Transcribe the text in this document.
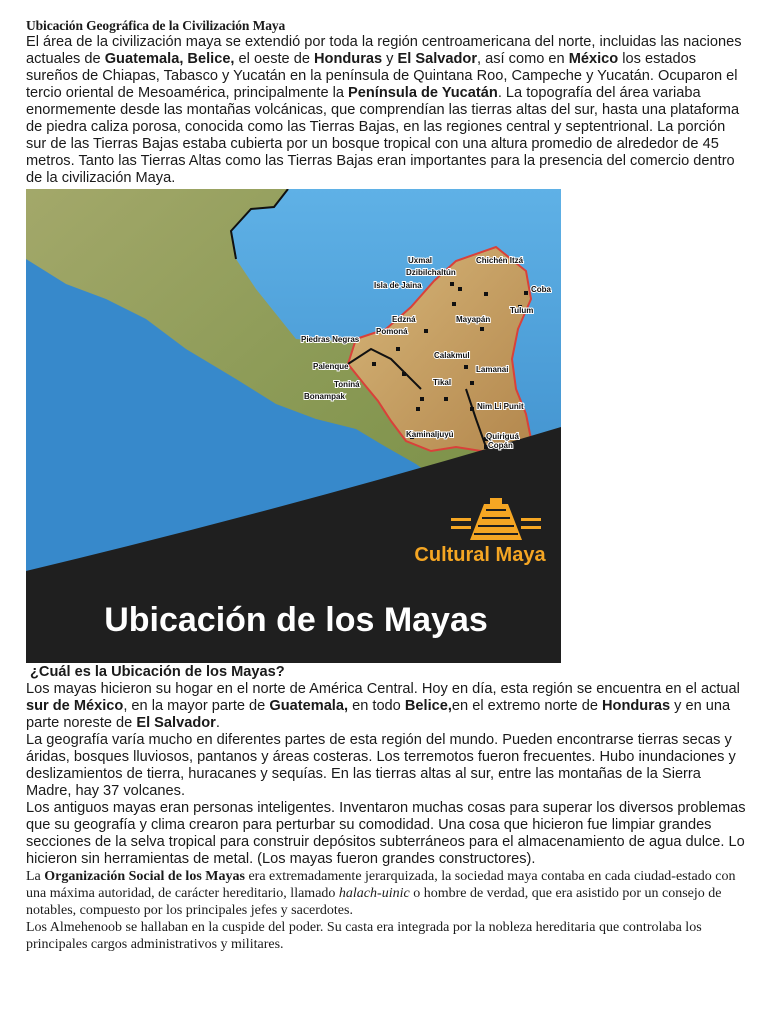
Ubicación Geográfica de la Civilización Maya

El área de la civilización maya se extendió por toda la región centroamericana del norte, incluidas las naciones actuales de Guatemala, Belice, el oeste de Honduras y El Salvador, así como en México los estados sureños de Chiapas, Tabasco y Yucatán en la península de Quintana Roo, Campeche y Yucatán. Ocuparon el tercio oriental de Mesoamérica, principalmente la Península de Yucatán. La topografía del área variaba enormemente desde las montañas volcánicas, que comprendían las tierras altas del sur, hasta una plataforma de piedra caliza porosa, conocida como las Tierras Bajas, en las regiones central y septentrional. La porción sur de las Tierras Bajas estaba cubierta por un bosque tropical con una altura promedio de alrededor de 45 metros. Tanto las Tierras Altas como las Tierras Bajas eran importantes para la presencia del comercio dentro de la civilización Maya.

Cultural Maya
Ubicación de los Mayas
Uxmal	Chichén Itzá
Dzibilchaltún
Isla de Jaina	Coba
Tulum
Edzná	Mayapán
Pomoná
Piedras Negras
Calakmul
Palenque	Lamanai
Tikal
Toniná
Bonampak
Nim Li Punit
Kaminaljuyú	Quiriguá
Copán

¿Cuál es la Ubicación de los Mayas?

Los mayas hicieron su hogar en el norte de América Central. Hoy en día, esta región se encuentra en el actual sur de México, en la mayor parte de Guatemala, en todo Belice,en el extremo norte de Honduras y en una parte noreste de El Salvador.

La geografía varía mucho en diferentes partes de esta región del mundo. Pueden encontrarse tierras secas y áridas, bosques lluviosos, pantanos y áreas costeras. Los terremotos fueron frecuentes. Hubo inundaciones y deslizamientos de tierra, huracanes y sequías. En las tierras altas al sur, entre las montañas de la Sierra Madre, hay 37 volcanes.

Los antiguos mayas eran personas inteligentes. Inventaron muchas cosas para superar los diversos problemas que su geografía y clima crearon para perturbar su comodidad. Una cosa que hicieron fue limpiar grandes secciones de la selva tropical para construir depósitos subterráneos para el almacenamiento de agua dulce. Lo hicieron sin herramientas de metal. (Los mayas fueron grandes constructores).

La Organización Social de los Mayas era extremadamente jerarquizada, la sociedad maya contaba en cada ciudad-estado con una máxima autoridad, de carácter hereditario, llamado halach-uinic o hombre de verdad, que era asistido por un consejo de notables, compuesto por los principales jefes y sacerdotes.

Los Almehenoob se hallaban en la cuspide del poder. Su casta era integrada por la nobleza hereditaria que controlaba los principales cargos administrativos y militares.
